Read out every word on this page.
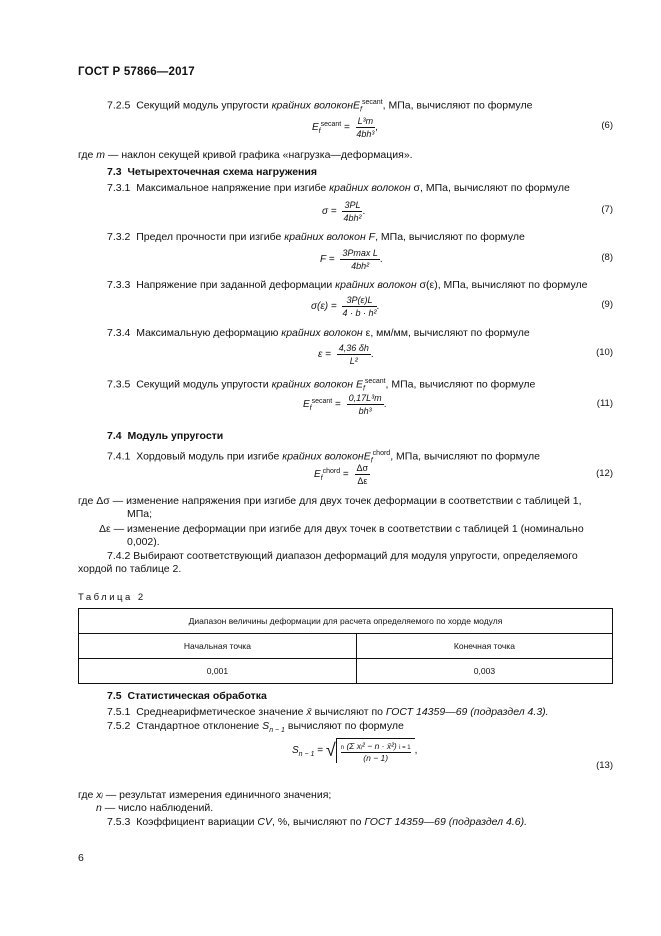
ГОСТ Р 57866—2017
7.2.5 Секущий модуль упругости крайних волоконE$_f^{secant}$, МПа, вычисляют по формуле
$E_f^{secant} = \frac{\text{L³m}}{\text{4bh³}}$ ,	(6)
где m — наклон секущей кривой графика «нагрузка—деформация».
7.3 Четырехточечная схема нагружения
7.3.1 Максимальное напряжение при изгибе крайних волокон σ, МПа, вычисляют по формуле
$\sigma = \frac{3PL}{\text{4bh²}}$ .	(7)
7.3.2 Предел прочности при изгибе крайних волокон F, МПа, вычисляют по формуле
$F = \frac{\text{3Pmax L}}{\text{4bh²}}$ .	(8)
7.3.3 Напряжение при заданной деформации крайних волокон σ(ε), МПа, вычисляют по формуле
$\sigma(\varepsilon) = \frac{3P(\varepsilon)L}{\text{4 · b · h²}}$ .	(9)
7.3.4 Максимальную деформацию крайних волокон ε, мм/мм, вычисляют по формуле
$\varepsilon = \frac{4,36 \delta h}{\text{L²}}$ .	(10)
7.3.5 Секущий модуль упругости крайних волокон $E_f^{secant}$, МПа, вычисляют по формуле
$E_f^{secant} = \frac{\text{0,17L³m}}{\text{bh³}}$ .	(11)
7.4 Модуль упругости
7.4.1 Хордовый модуль при изгибе крайних волоконE$_f^{chord}$, МПа, вычисляют по формуле
$E_f^{chord} = \frac{\Delta\sigma}{\Delta\varepsilon}$	(12)
где Δσ — изменение напряжения при изгибе для двух точек деформации в соответствии с таблицей 1,
МПа;
Δε — изменение деформации при изгибе для двух точек в соответствии с таблицей 1 (номинально
0,002).
7.4.2 Выбирают соответствующий диапазон деформаций для модуля упругости, определяемого
хордой по таблице 2.
Таблица 2
Диапазон величины деформации для расчета определяемого по хорде модуля	
Начальная точка	Конечная точка
0,001	0,003
7.5 Статистическая обработка
7.5.1 Среднеарифметическое значение x̄ вычисляют по ГОСТ 14359—69 (подраздел 4.3).
7.5.2 Стандартное отклонение $S_{n - 1}$ вычисляют по формуле
$S_{n - 1}$ = √ $\frac{\text{n (Σ xᵢ² − n · x̄²) i = 1}}{(n - 1)}$ ,
(13)
где xᵢ — результат измерения единичного значения;
n — число наблюдений.
7.5.3 Коэффициент вариации CV, %, вычисляют по ГОСТ 14359—69 (подраздел 4.6).
6
